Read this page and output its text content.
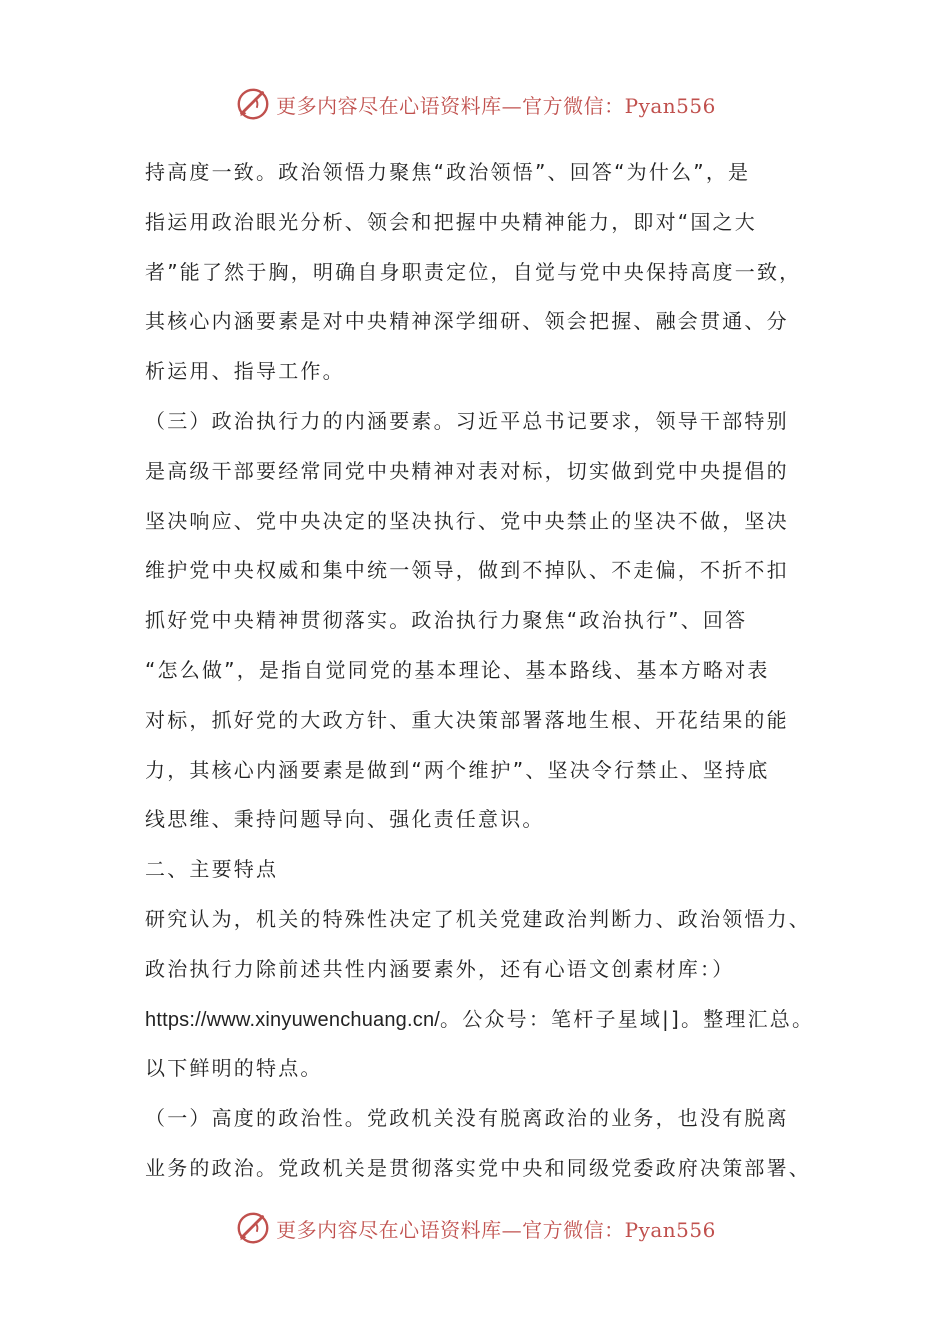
更多内容尽在心语资料库—官方微信：Pyan556
持高度一致。政治领悟力聚焦“政治领悟”、回答“为什么”，是
指运用政治眼光分析、领会和把握中央精神能力，即对“国之大
者”能了然于胸，明确自身职责定位，自觉与党中央保持高度一致，
其核心内涵要素是对中央精神深学细研、领会把握、融会贯通、分
析运用、指导工作。
（三）政治执行力的内涵要素。习近平总书记要求，领导干部特别
是高级干部要经常同党中央精神对表对标，切实做到党中央提倡的
坚决响应、党中央决定的坚决执行、党中央禁止的坚决不做，坚决
维护党中央权威和集中统一领导，做到不掉队、不走偏，不折不扣
抓好党中央精神贯彻落实。政治执行力聚焦“政治执行”、回答
“怎么做”，是指自觉同党的基本理论、基本路线、基本方略对表
对标，抓好党的大政方针、重大决策部署落地生根、开花结果的能
力，其核心内涵要素是做到“两个维护”、坚决令行禁止、坚持底
线思维、秉持问题导向、强化责任意识。
二、主要特点
研究认为，机关的特殊性决定了机关党建政治判断力、政治领悟力、
政治执行力除前述共性内涵要素外，还有心语文创素材库：）
https://www.xinyuwenchuang.cn/。公众号：笔杆子星域|]。整理汇总。
以下鲜明的特点。
（一）高度的政治性。党政机关没有脱离政治的业务，也没有脱离
业务的政治。党政机关是贯彻落实党中央和同级党委政府决策部署、
更多内容尽在心语资料库—官方微信：Pyan556
